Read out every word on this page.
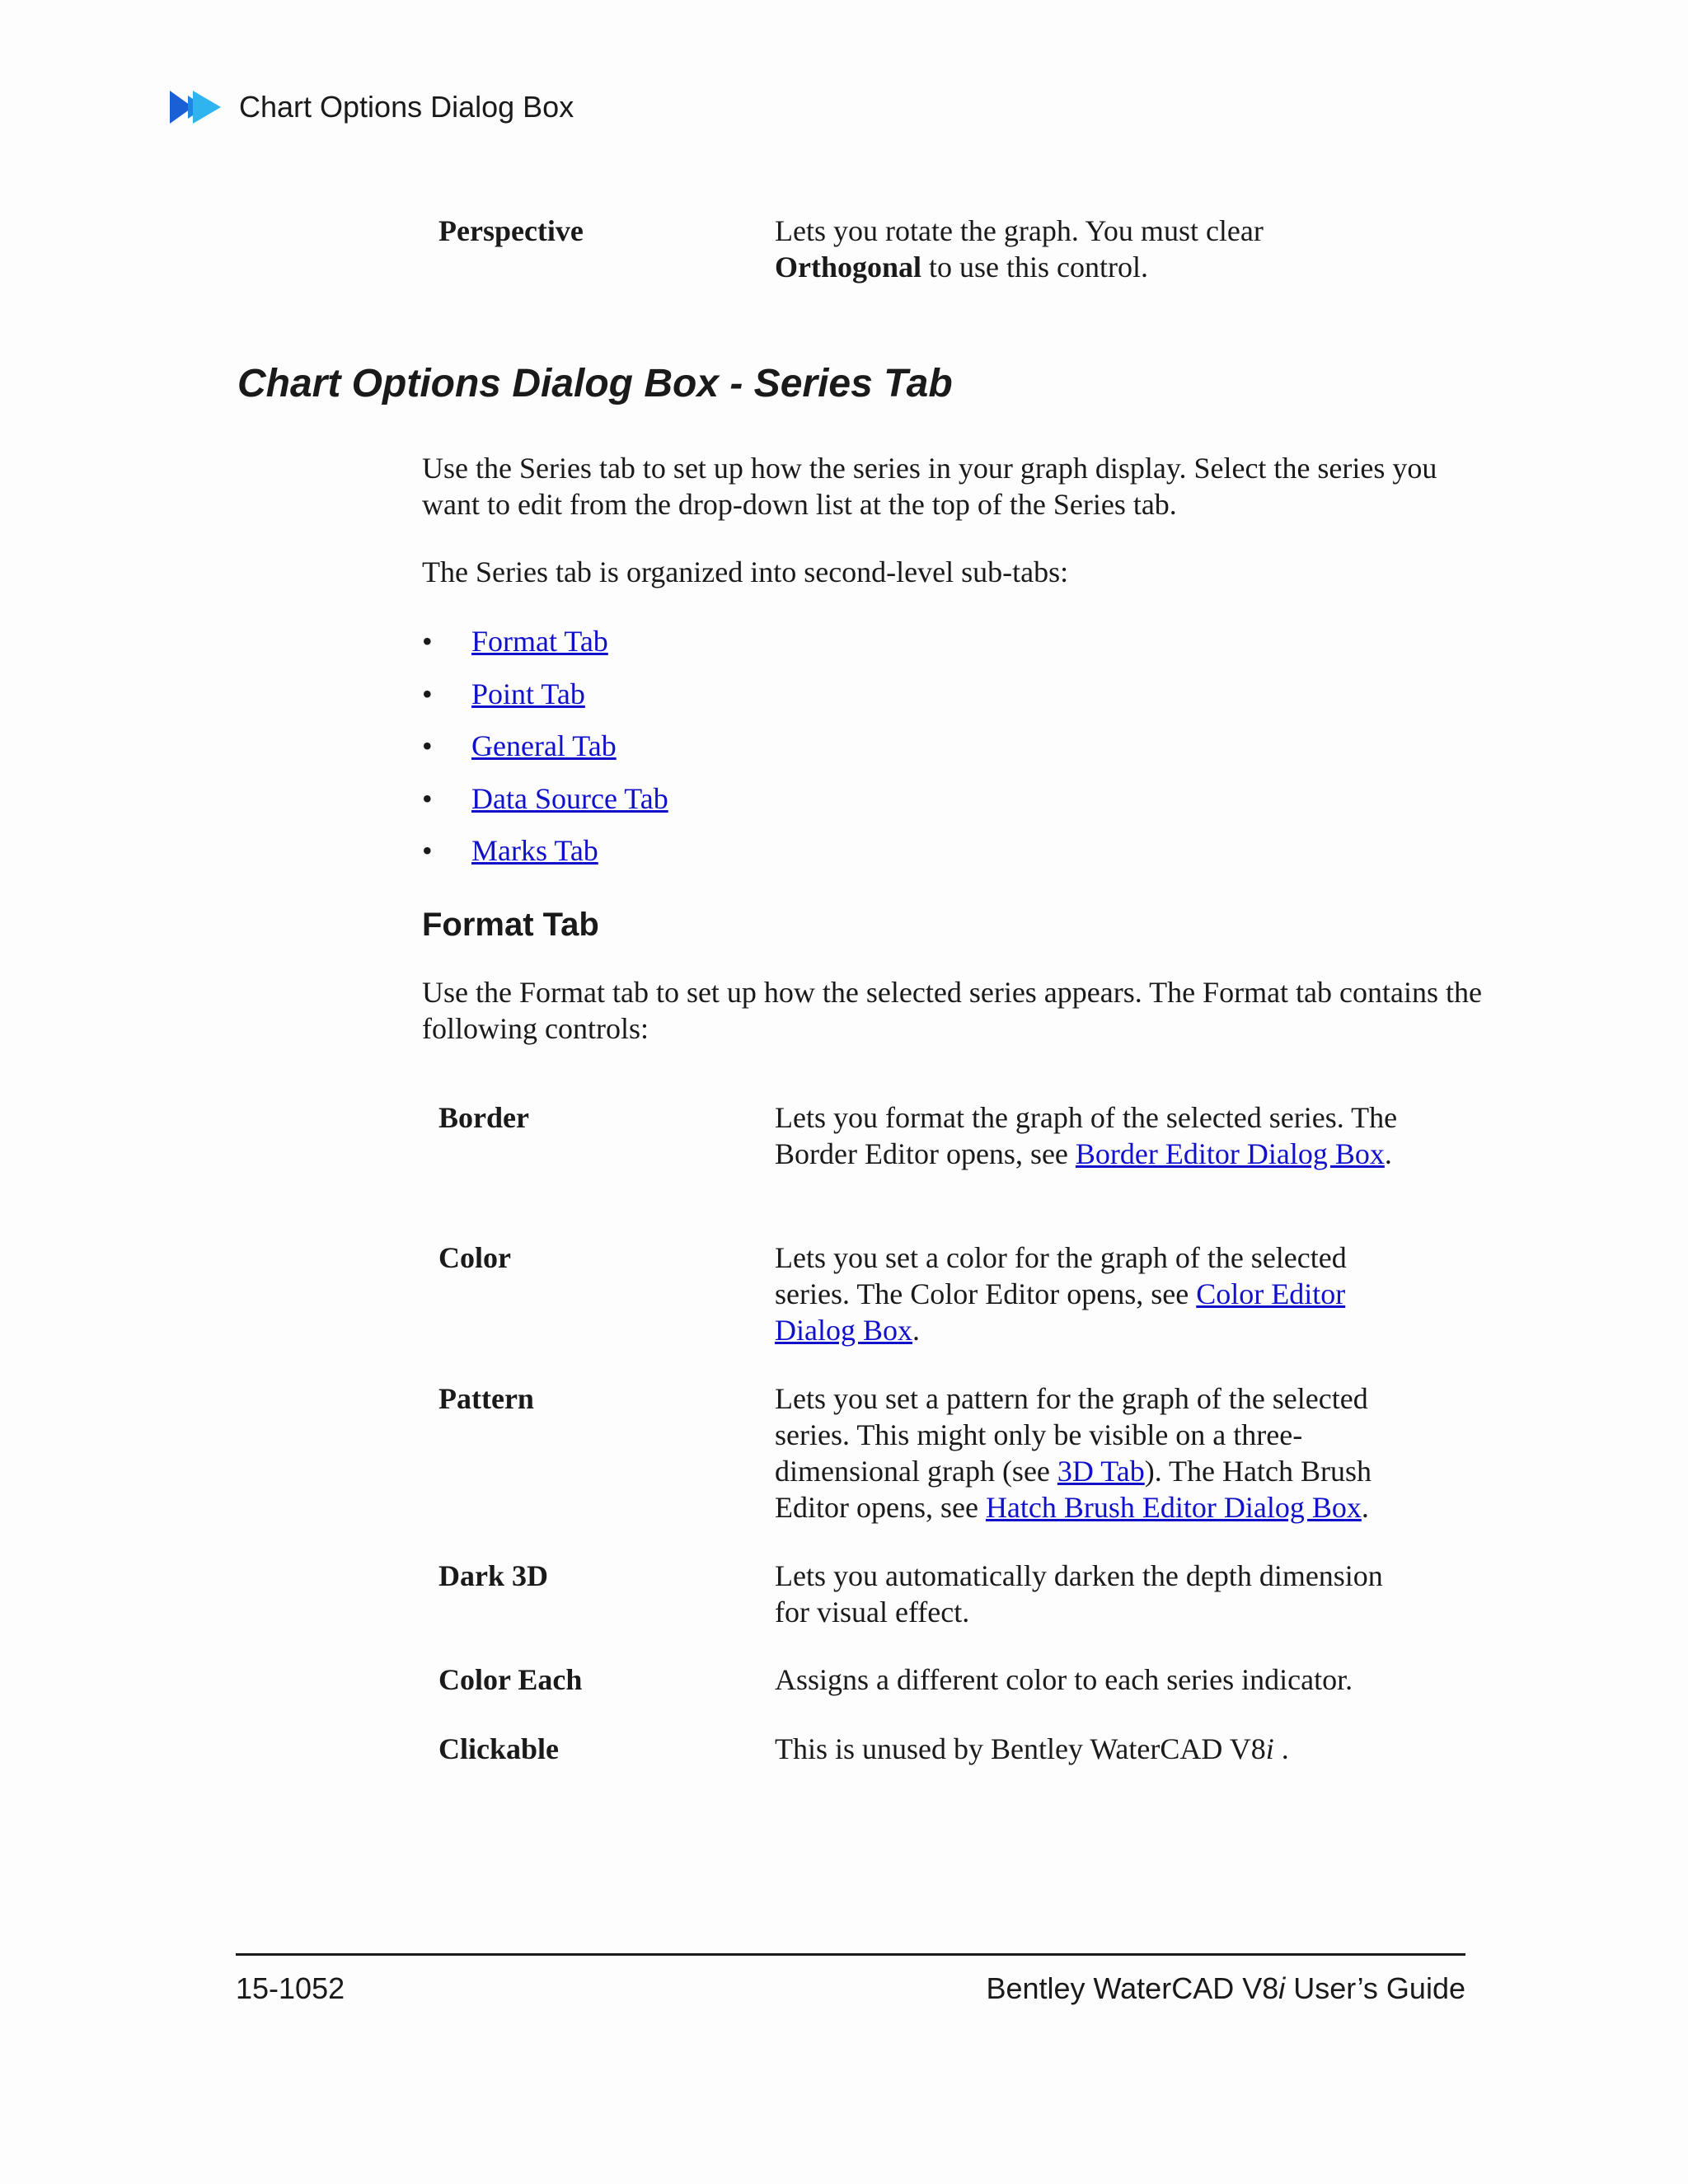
Chart Options Dialog Box
Perspective	Lets you rotate the graph. You must clear Orthogonal to use this control.
Chart Options Dialog Box - Series Tab

Use the Series tab to set up how the series in your graph display. Select the series you want to edit from the drop-down list at the top of the Series tab.

The Series tab is organized into second-level sub-tabs:

•	Format Tab
•	Point Tab
•	General Tab
•	Data Source Tab
•	Marks Tab
Format Tab

Use the Format tab to set up how the selected series appears. The Format tab contains the following controls:

Border	Lets you format the graph of the selected series. The Border Editor opens, see Border Editor Dialog Box.
Color	Lets you set a color for the graph of the selected series. The Color Editor opens, see Color Editor Dialog Box.
Pattern	Lets you set a pattern for the graph of the selected series. This might only be visible on a three-dimensional graph (see 3D Tab). The Hatch Brush Editor opens, see Hatch Brush Editor Dialog Box.
Dark 3D	Lets you automatically darken the depth dimension for visual effect.
Color Each	Assigns a different color to each series indicator.
Clickable	This is unused by Bentley WaterCAD V8i .
15-1052	Bentley WaterCAD V8i User’s Guide
